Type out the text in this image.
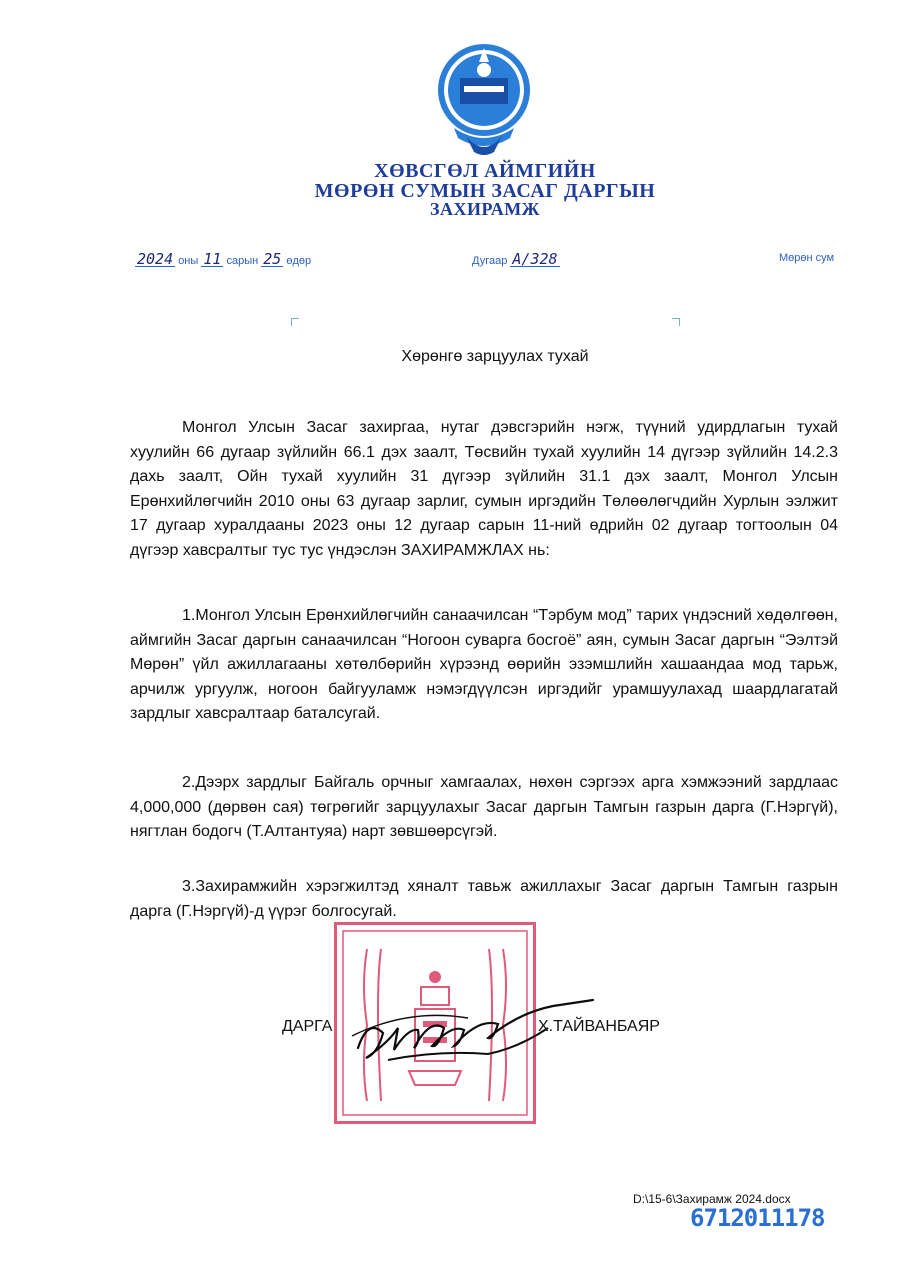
ХӨВСГӨЛ АЙМГИЙН
МӨРӨН СУМЫН ЗАСАГ ДАРГЫН
ЗАХИРАМЖ
2024 оны 11 сарын 25 өдөр	Дугаар А/328	Мөрөн сум
Хөрөнгө зарцуулах тухай

Монгол Улсын Засаг захиргаа, нутаг дэвсгэрийн нэгж, түүний удирдлагын тухай хуулийн 66 дугаар зүйлийн 66.1 дэх заалт, Төсвийн тухай хуулийн 14 дүгээр зүйлийн 14.2.3 дахь заалт, Ойн тухай хуулийн 31 дүгээр зүйлийн 31.1 дэх заалт, Монгол Улсын Ерөнхийлөгчийн 2010 оны 63 дугаар зарлиг, сумын иргэдийн Төлөөлөгчдийн Хурлын ээлжит 17 дугаар хуралдааны 2023 оны 12 дугаар сарын 11-ний өдрийн 02 дугаар тогтоолын 04 дүгээр хавсралтыг тус тус үндэслэн ЗАХИРАМЖЛАХ нь:

1.Монгол Улсын Ерөнхийлөгчийн санаачилсан “Тэрбум мод” тарих үндэсний хөдөлгөөн, аймгийн Засаг даргын санаачилсан “Ногоон суварга босгоё” аян, сумын Засаг даргын “Ээлтэй Мөрөн” үйл ажиллагааны хөтөлбөрийн хүрээнд өөрийн эзэмшлийн хашаандаа мод тарьж, арчилж ургуулж, ногоон байгууламж нэмэгдүүлсэн иргэдийг урамшуулахад шаардлагатай зардлыг хавсралтаар баталсугай.

2.Дээрх зардлыг Байгаль орчныг хамгаалах, нөхөн сэргээх арга хэмжээний зардлаас 4,000,000 (дөрвөн сая) төгрөгийг зарцуулахыг Засаг даргын Тамгын газрын дарга (Г.Нэргүй), нягтлан бодогч (Т.Алтантуяа) нарт зөвшөөрсүгэй.

3.Захирамжийн хэрэгжилтэд хяналт тавьж ажиллахыг Засаг даргын Тамгын газрын дарга (Г.Нэргүй)-д үүрэг болгосугай.

ДАРГА	Х.ТАЙВАНБАЯР
D:\15-6\Захирамж 2024.docx
6712011178
